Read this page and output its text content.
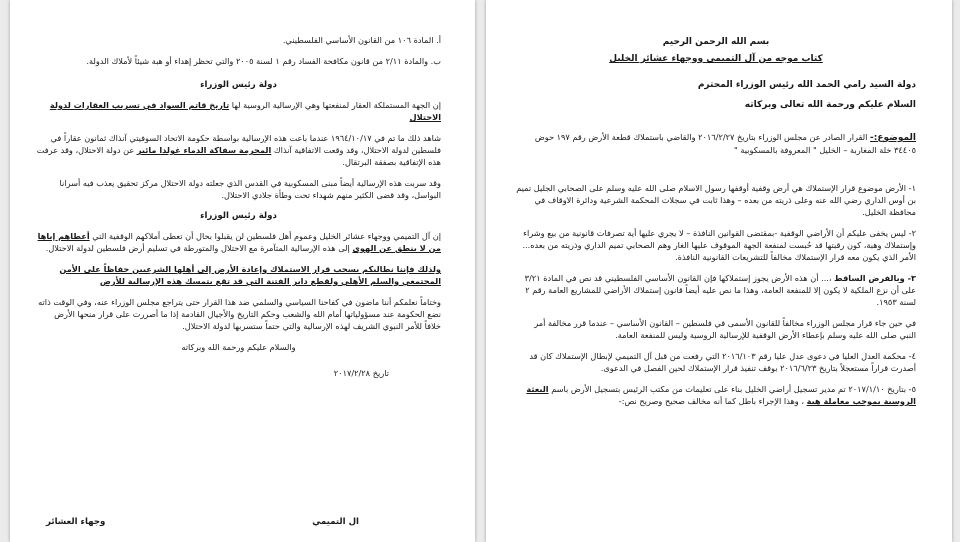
أ. المادة ١٠٦ من القانون الأساسي الفلسطيني.

ب. والمادة ٢/١١ من قانون مكافحة الفساد رقم ١ لسنة ٢٠٠٥ والتي تحظر إهداء أو هبة شيئاً لأملاك الدولة.

دولة رئيس الوزراء

إن الجهة المستملكة العقار لمنفعتها وهي الإرسالية الروسية لها تاريخ قاتم السواد في تسريب العقارات لدولة الاحتلال

شاهد ذلك ما تم في ١٩٦٤/١٠/١٧ عندما باعت هذه الإرسالية بواسطة حكومة الاتحاد السوفيتي آنذاك ثمانون عقاراً في فلسطين لدولة الاحتلال، وقد وقعت الاتفاقية آنذاك المجرمة سفاكة الدماء غولدا مائير عن دولة الاحتلال، وقد عرفت هذه الإتفاقية بصفقة البرتقال.

وقد سربت هذه الإرسالية أيضاً مبنى المسكوبية في القدس الذي جعلته دولة الاحتلال مركز تحقيق يعذب فيه أسرانا البواسل، وقد قضى الكثير منهم شهداء تحت وطأة جلادي الاحتلال.

دولة رئيس الوزراء

إن آل التميمي ووجهاء عشائر الخليل وعموم أهل فلسطين لن يقبلوا بحال أن تعطى أملاكهم الوقفية التي أعطاهم إياها من لا ينطق عن الهوى إلى هذه الإرسالية المتآمرة مع الاحتلال والمتورطة في تسليم أرض فلسطين لدولة الاحتلال.

ولذلك فإننا نطالبكم بسحب قرار الاستملاك وإعادة الأرض إلى أهلها الشرعيين حفاظاً على الأمن المجتمعي والسلم الأهلي ولقطع دابر الفتنة التي قد تقع بتمسك هذه الإرسالية للأرض

وختاماً نعلمكم أننا ماضون في كفاحنا السياسي والسلمي ضد هذا القرار حتى يتراجع مجلس الوزراء عنه، وفي الوقت ذاته نضع الحكومة عند مسؤولياتها أمام الله والشعب وحكم التاريخ والأجيال القادمة إذا ما أصررت على قرار منحها الأرض خلافاً للأمر النبوي الشريف لهذه الإرسالية والتي حتماً ستسربها لدولة الاحتلال.

والسلام عليكم ورحمة الله وبركاته

تاريخ ٢٠١٧/٢/٢٨

ال التميمي
وجهاء العشائر

بسم الله الرحمن الرحيم

كتاب موجه من آل التميمي ووجهاء عشائر الخليل

دولة السيد رامي الحمد الله رئيس الوزراء المحترم

السلام عليكم ورحمة الله تعالى وبركاته

الموضوع:- القرار الصادر عن مجلس الوزراء بتاريخ ٢٠١٦/٢/٢٧ والقاضي باستملاك قطعة الأرض رقم ١٩٧ حوض ٣٤٤٠٥ خلة المغاربة – الخليل " المعروفة بالمسكوبية "

١- الأرض موضوع قرار الإستملاك هي أرض وقفية أوقفها رسول الاسلام صلى الله عليه وسلم على الصحابي الجليل تميم بن أوس الداري رضي الله عنه وعلى ذريته من بعده – وهذا ثابت في سجلات المحكمة الشرعية ودائرة الاوقاف في محافظة الخليل.

٢- ليس يخفى عليكم أن الأراضي الوقفية -بمقتضى القوانين النافذة – لا يجري عليها أية تصرفات قانونية من بيع وشراء وإستملاك وهبة، كون رقبتها قد حُبست لمنفعة الجهة الموقوف عليها الغار وهم الصحابي تميم الداري وذريته من بعده... الأمر الذي يكون معه قرار الإستملاك مخالفاً للتشريعات القانونية النافذة.

٣- وبالفرض الساقط ،... أن هذه الأرض يجوز إستملاكها فإن القانون الأساسي الفلسطيني قد نص في المادة ٣/٢١ على أن نزع الملكية لا يكون إلا للمنفعة العامة، وهذا ما نص عليه أيضاً قانون إستملاك الأراضي للمشاريع العامة رقم ٢ لسنة ١٩٥٣.

في حين جاء قرار مجلس الوزراء مخالفاً للقانون الأسمى في فلسطين – القانون الأساسي – عندما قرر مخالفة أمر النبي صلى الله عليه وسلم بإعطاء الأرض الوقفية للإرسالية الروسية وليس للمنفعة العامة.

٤- محكمة العدل العليا في دعوى عدل عليا رقم ٢٠١٦/١٠٣ التي رفعت من قبل آل التميمي لإبطال الإستملاك كان قد أصدرت قراراً مستعجلاً بتاريخ ٢٠١٦/٦/٢٣ بوقف تنفيذ قرار الإستملاك لحين الفصل في الدعوى.

٥- بتاريخ ٢٠١٧/١/١٠ تم مدير تسجيل أراضي الخليل بناء على تعليمات من مكتب الرئيس بتسجيل الأرض باسم البعثة الروسية بموجب معاملة هبة ، وهذا الإجراء باطل كما أنه مخالف صحيح وصريح نص:-
